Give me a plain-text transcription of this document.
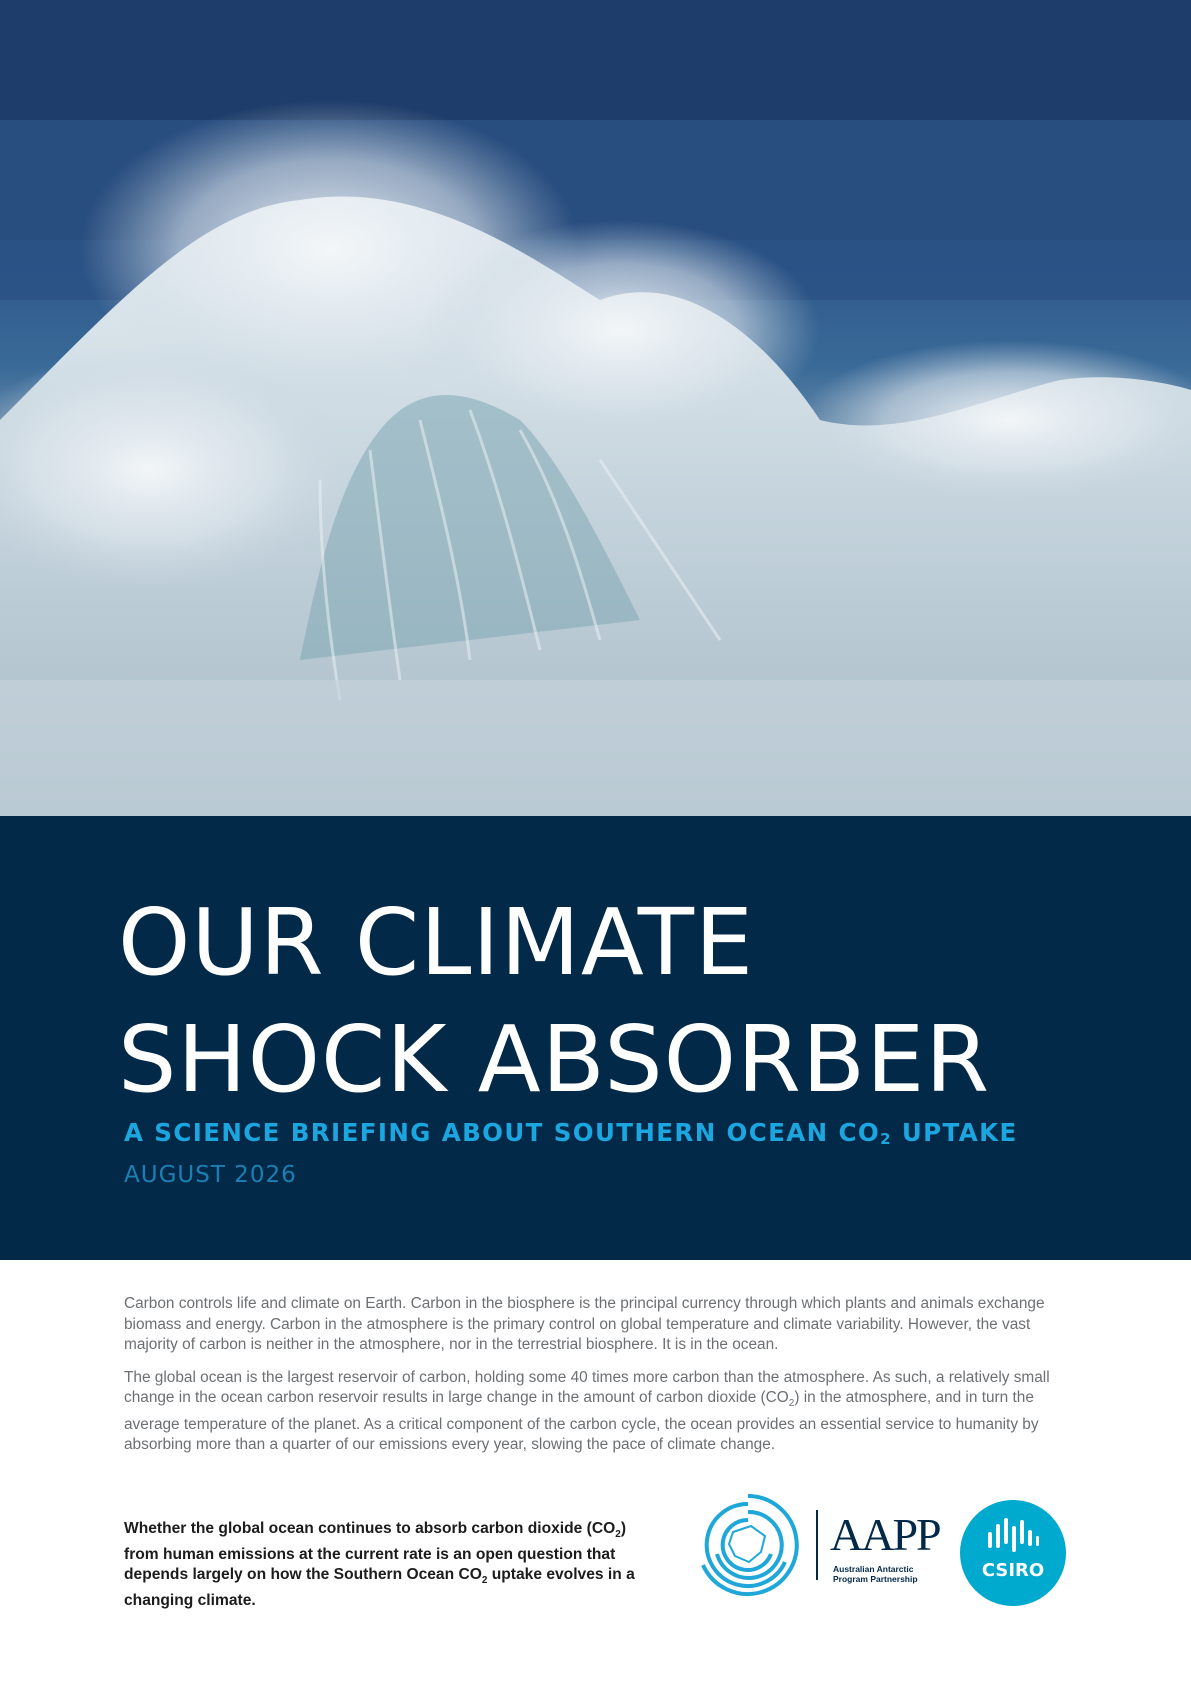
OUR CLIMATE
SHOCK ABSORBER
A SCIENCE BRIEFING ABOUT SOUTHERN OCEAN $CO_2$ UPTAKE
AUGUST 2026

Carbon controls life and climate on Earth. Carbon in the biosphere is the principal currency through which plants and animals exchange biomass and energy. Carbon in the atmosphere is the primary control on global temperature and climate variability. However, the vast majority of carbon is neither in the atmosphere, nor in the terrestrial biosphere. It is in the ocean.

The global ocean is the largest reservoir of carbon, holding some 40 times more carbon than the atmosphere. As such, a relatively small change in the ocean carbon reservoir results in large change in the amount of carbon dioxide $(CO_2)$ in the atmosphere, and in turn the average temperature of the planet. As a critical component of the carbon cycle, the ocean provides an essential service to humanity by absorbing more than a quarter of our emissions every year, slowing the pace of climate change.

Whether the global ocean continues to absorb carbon dioxide $(CO_2)$ from human emissions at the current rate is an open question that depends largely on how the Southern Ocean $CO_2$ uptake evolves in a changing climate.
AAPP
Australian Antarctic Program Partnership	CSIRO
